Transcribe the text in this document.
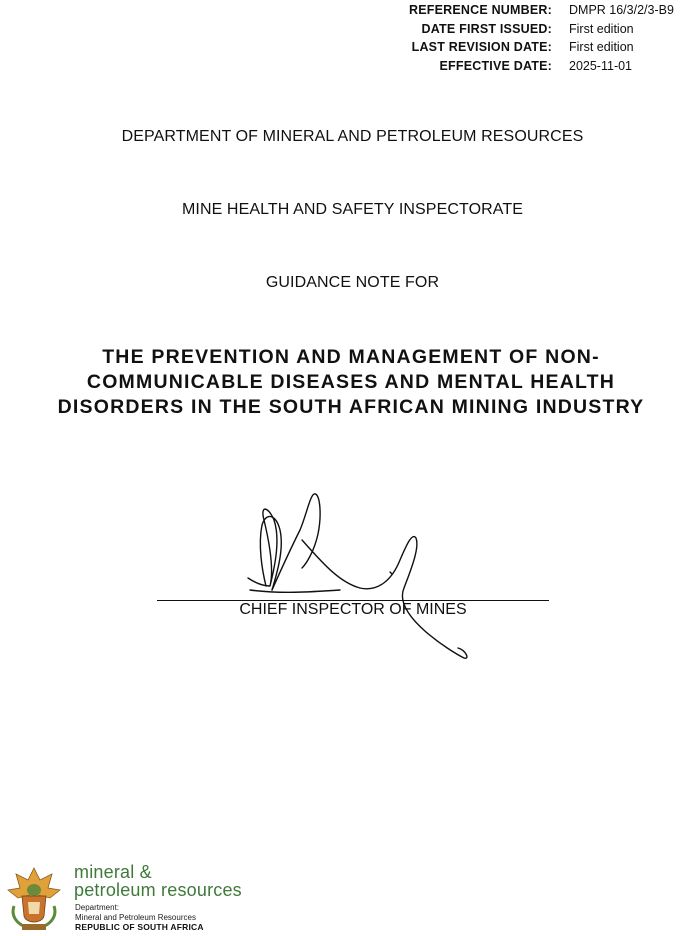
REFERENCE NUMBER: DMPR 16/3/2/3-B9
DATE FIRST ISSUED: First edition
LAST REVISION DATE: First edition
EFFECTIVE DATE: 2025-11-01
DEPARTMENT OF MINERAL AND PETROLEUM RESOURCES
MINE HEALTH AND SAFETY INSPECTORATE
GUIDANCE NOTE FOR
THE PREVENTION AND MANAGEMENT OF NON-
COMMUNICABLE DISEASES AND MENTAL HEALTH
DISORDERS IN THE SOUTH AFRICAN MINING INDUSTRY
CHIEF INSPECTOR OF MINES
mineral &
petroleum resources
Department:
Mineral and Petroleum Resources
REPUBLIC OF SOUTH AFRICA
